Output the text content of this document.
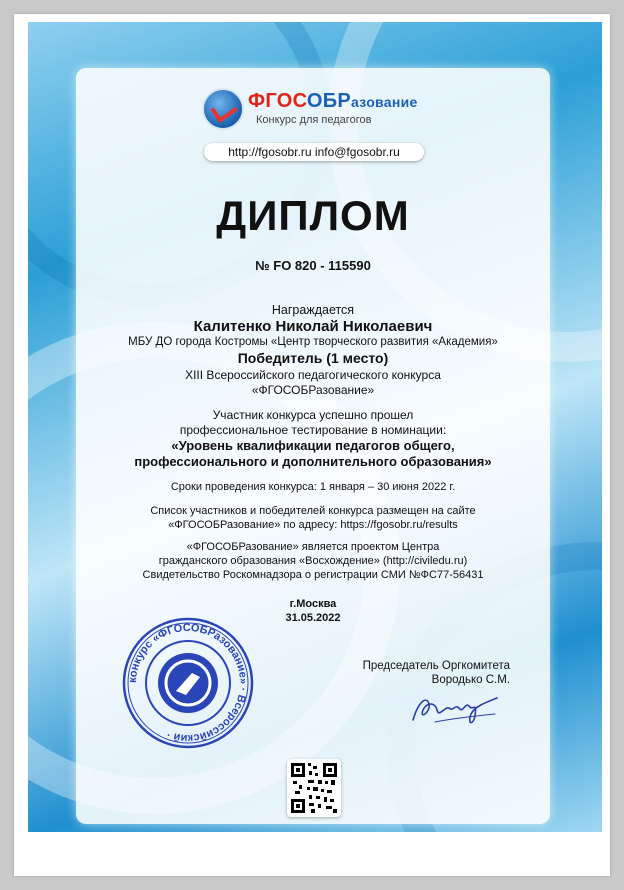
ФГОСОБРазование
Конкурс для педагогов
http://fgosobr.ru info@fgosobr.ru
ДИПЛОМ
№ FO 820 - 115590
Награждается
Калитенко Николай Николаевич
МБУ ДО города Костромы «Центр творческого развития «Академия»
Победитель (1 место)
XIII Всероссийского педагогического конкурса
«ФГОСОБРазование»
Участник конкурса успешно прошел
профессиональное тестирование в номинации:
«Уровень квалификации педагогов общего,
профессионального и дополнительного образования»
Сроки проведения конкурса: 1 января – 30 июня 2022 г.
Список участников и победителей конкурса размещен на сайте
«ФГОСОБРазование» по адресу: https://fgosobr.ru/results
«ФГОСОБРазование» является проектом Центра
гражданского образования «Восхождение» (http://civiledu.ru)
Свидетельство Роскомнадзора о регистрации СМИ №ФС77-56431
г.Москва
31.05.2022
Председатель Оргкомитета
Вородько С.М.
конкурс «ФГОСОБРазование» · Всероссийский ·
